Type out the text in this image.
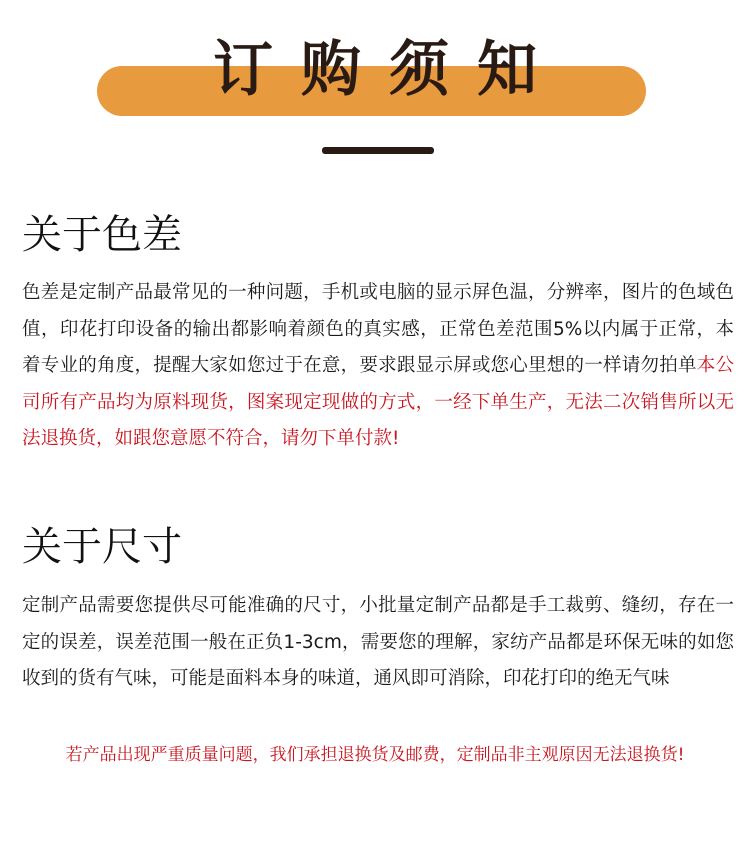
订购须知
关于色差

色差是定制产品最常见的一种问题，手机或电脑的显示屏色温，分辨率，图片的色域色值，印花打印设备的输出都影响着颜色的真实感，正常色差范围5%以内属于正常，本着专业的角度，提醒大家如您过于在意，要求跟显示屏或您心里想的一样请勿拍单本公司所有产品均为原料现货，图案现定现做的方式，一经下单生产，无法二次销售所以无法退换货，如跟您意愿不符合，请勿下单付款!

关于尺寸

定制产品需要您提供尽可能准确的尺寸，小批量定制产品都是手工裁剪、缝纫，存在一定的误差，误差范围一般在正负1-3cm，需要您的理解，家纺产品都是环保无味的如您收到的货有气味，可能是面料本身的味道，通风即可消除，印花打印的绝无气味

若产品出现严重质量问题，我们承担退换货及邮费，定制品非主观原因无法退换货!
